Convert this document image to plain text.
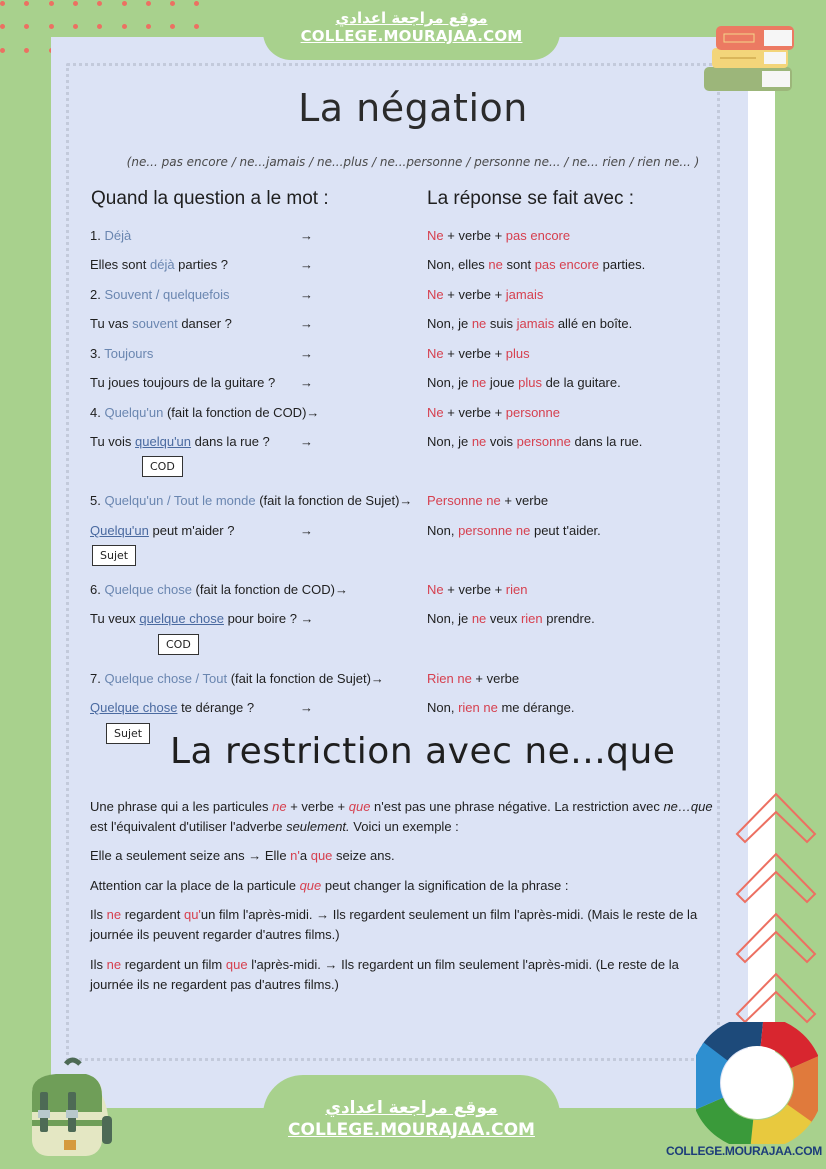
موقع مراجعة اعدادي
COLLEGE.MOURAJAA.COM
La négation
(ne... pas encore / ne...jamais / ne...plus / ne...personne / personne ne... / ne... rien / rien ne... )
Quand la question a le mot :	La réponse se fait avec :
1. Déjà	→	Ne + verbe + pas encore
Elles sont déjà parties ?	→	Non, elles ne sont pas encore parties.
2. Souvent / quelquefois	→	Ne + verbe + jamais
Tu vas souvent danser ?	→	Non, je ne suis jamais allé en boîte.
3. Toujours	→	Ne + verbe + plus
Tu joues toujours de la guitare ? →	Non, je ne joue plus de la guitare.
4. Quelqu'un (fait la fonction de COD)→	Ne + verbe + personne
Tu vois quelqu'un dans la rue ? →	Non, je ne vois personne dans la rue.
COD
5. Quelqu'un / Tout le monde (fait la fonction de Sujet)→ Personne ne + verbe
Quelqu'un peut m'aider ?	→	Non, personne ne peut t'aider.
Sujet
6. Quelque chose (fait la fonction de COD)→	Ne + verbe + rien
Tu veux quelque chose pour boire ? →	Non, je ne veux rien prendre.
COD
7. Quelque chose / Tout (fait la fonction de Sujet)→	Rien ne + verbe
Quelque chose te dérange ?	→	Non, rien ne me dérange.
Sujet La restriction avec ne...que
Une phrase qui a les particules ne + verbe + que n'est pas une phrase négative. La restriction avec ne…que est l'équivalent d'utiliser l'adverbe seulement. Voici un exemple :
Elle a seulement seize ans → Elle n'a que seize ans.
Attention car la place de la particule que peut changer la signification de la phrase :
Ils ne regardent qu'un film l'après-midi. → Ils regardent seulement un film l'après-midi. (Mais le reste de la journée ils peuvent regarder d'autres films.)
Ils ne regardent un film que l'après-midi. → Ils regardent un film seulement l'après-midi. (Le reste de la journée ils ne regardent pas d'autres films.)
موقع مراجعة اعدادي
COLLEGE.MOURAJAA.COM
COLLEGE.MOURAJAA.COM
